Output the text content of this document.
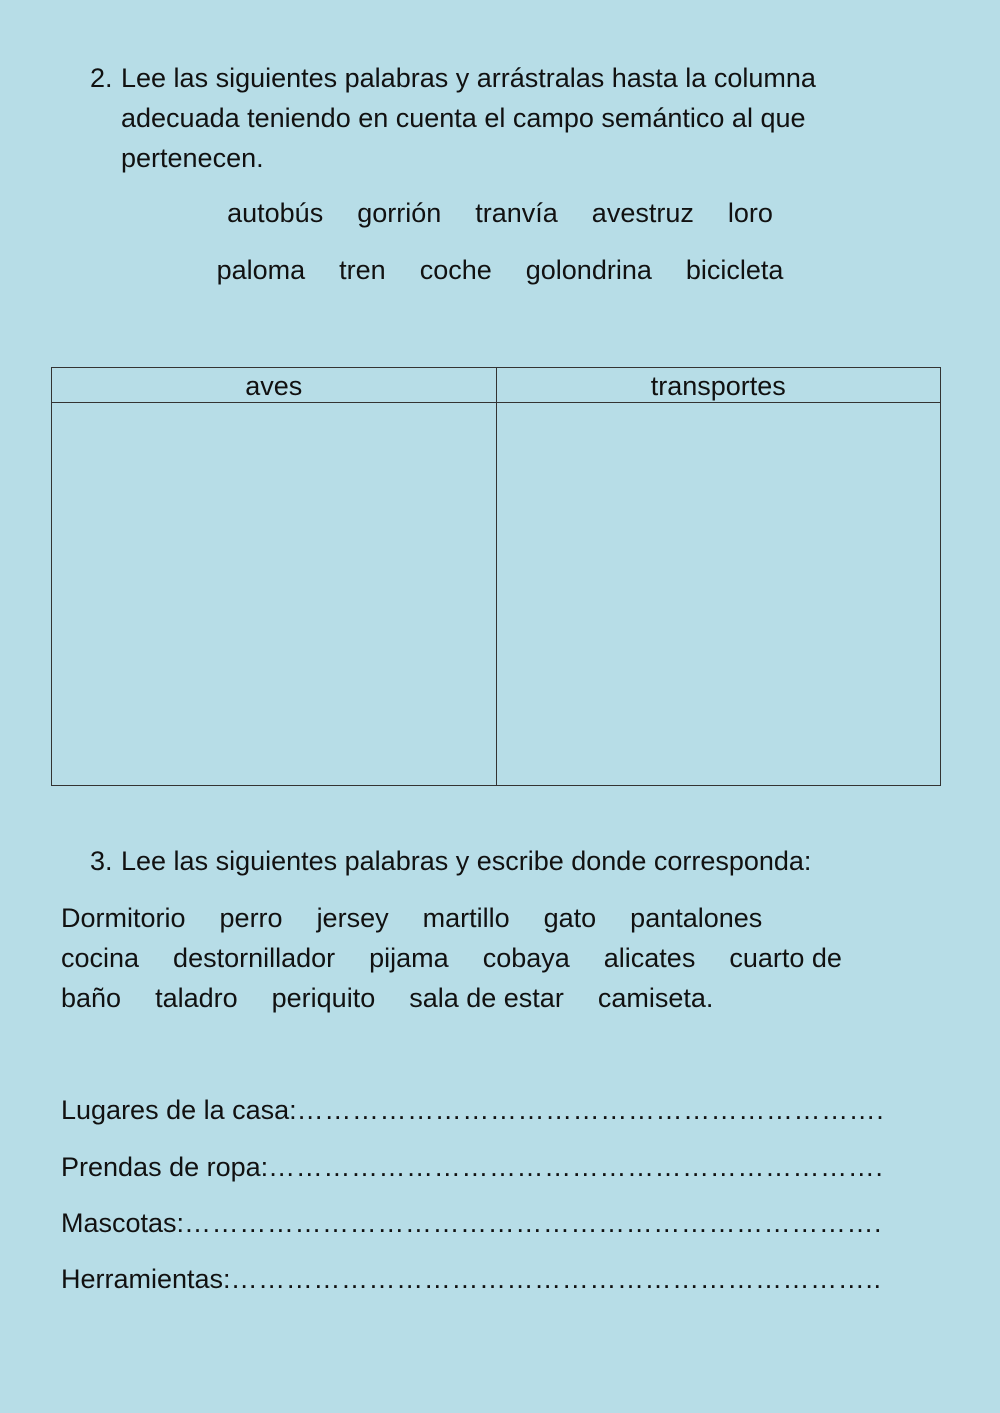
2. Lee las siguientes palabras y arrástralas hasta la columna
adecuada teniendo en cuenta el campo semántico al que
pertenecen.
autobús gorrión tranvía avestruz loro
paloma tren coche golondrina bicicleta
aves	transportes
3. Lee las siguientes palabras y escribe donde corresponda:
Dormitorio perro jersey martillo gato pantalones
cocina destornillador pijama cobaya alicates cuarto de
baño taladro periquito sala de estar camiseta.
Lugares de la casa:……………………………………………………….
Prendas de ropa:………………………………………………………….
Mascotas:………………………………………………………………….
Herramientas:……………………………………………………………..
